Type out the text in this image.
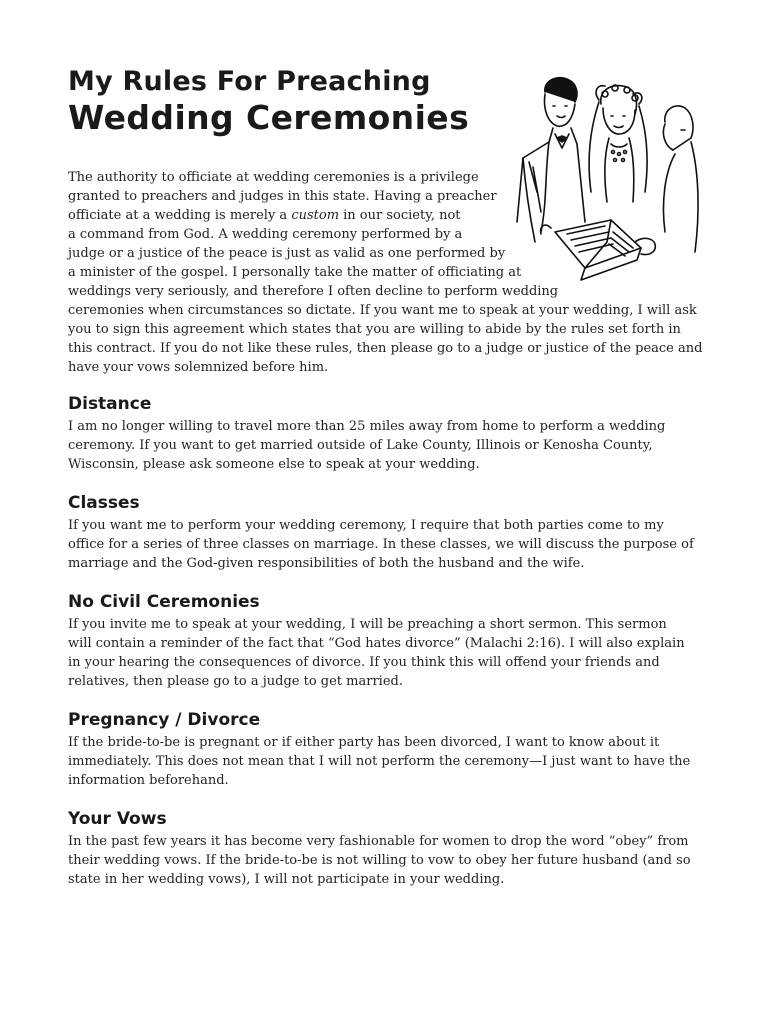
My Rules For Preaching
Wedding Ceremonies
The authority to officiate at wedding ceremonies is a privilege
granted to preachers and judges in this state. Having a preacher
officiate at a wedding is merely a custom in our society, not
a command from God. A wedding ceremony performed by a
judge or a justice of the peace is just as valid as one performed by
a minister of the gospel. I personally take the matter of officiating at
weddings very seriously, and therefore I often decline to perform wedding
ceremonies when circumstances so dictate. If you want me to speak at your wedding, I will ask
you to sign this agreement which states that you are willing to abide by the rules set forth in
this contract. If you do not like these rules, then please go to a judge or justice of the peace and
have your vows solemnized before him.
Distance

I am no longer willing to travel more than 25 miles away from home to perform a wedding

ceremony. If you want to get married outside of Lake County, Illinois or Kenosha County,

Wisconsin, please ask someone else to speak at your wedding.

Classes

If you want me to perform your wedding ceremony, I require that both parties come to my

office for a series of three classes on marriage. In these classes, we will discuss the purpose of

marriage and the God-given responsibilities of both the husband and the wife.

No Civil Ceremonies

If you invite me to speak at your wedding, I will be preaching a short sermon. This sermon

will contain a reminder of the fact that “God hates divorce” (Malachi 2:16). I will also explain

in your hearing the consequences of divorce. If you think this will offend your friends and

relatives, then please go to a judge to get married.

Pregnancy / Divorce

If the bride-to-be is pregnant or if either party has been divorced, I want to know about it

immediately. This does not mean that I will not perform the ceremony—I just want to have the

information beforehand.

Your Vows

In the past few years it has become very fashionable for women to drop the word “obey” from

their wedding vows. If the bride-to-be is not willing to vow to obey her future husband (and so

state in her wedding vows), I will not participate in your wedding.
